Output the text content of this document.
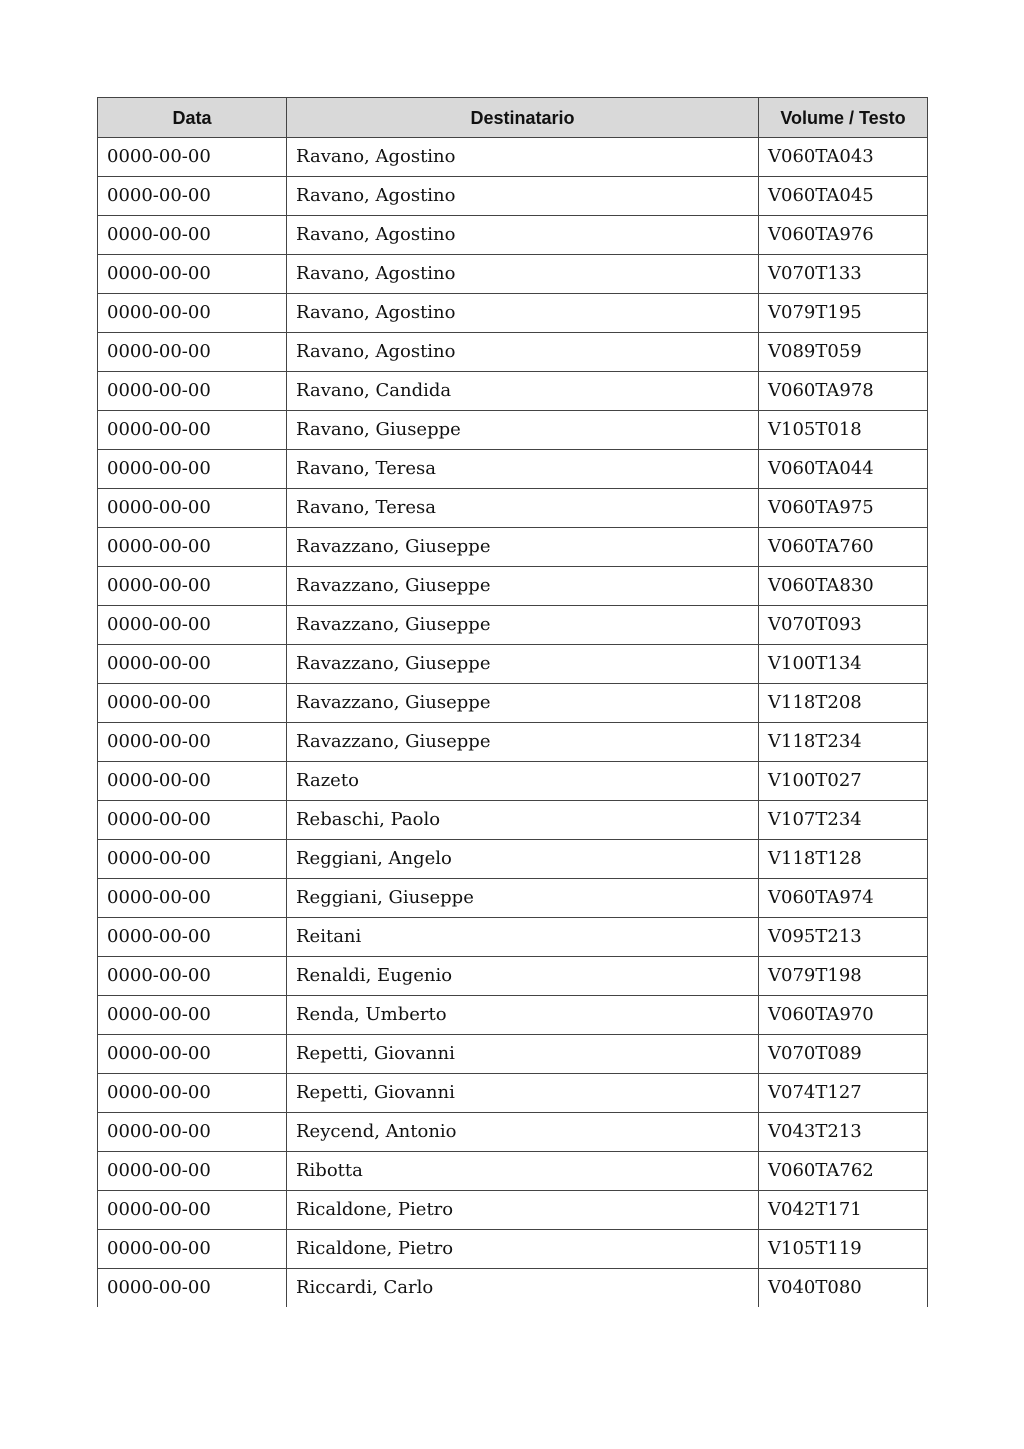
Data	Destinatario	Volume / Testo
0000-00-00	Ravano, Agostino	V060TA043
0000-00-00	Ravano, Agostino	V060TA045
0000-00-00	Ravano, Agostino	V060TA976
0000-00-00	Ravano, Agostino	V070T133
0000-00-00	Ravano, Agostino	V079T195
0000-00-00	Ravano, Agostino	V089T059
0000-00-00	Ravano, Candida	V060TA978
0000-00-00	Ravano, Giuseppe	V105T018
0000-00-00	Ravano, Teresa	V060TA044
0000-00-00	Ravano, Teresa	V060TA975
0000-00-00	Ravazzano, Giuseppe	V060TA760
0000-00-00	Ravazzano, Giuseppe	V060TA830
0000-00-00	Ravazzano, Giuseppe	V070T093
0000-00-00	Ravazzano, Giuseppe	V100T134
0000-00-00	Ravazzano, Giuseppe	V118T208
0000-00-00	Ravazzano, Giuseppe	V118T234
0000-00-00	Razeto	V100T027
0000-00-00	Rebaschi, Paolo	V107T234
0000-00-00	Reggiani, Angelo	V118T128
0000-00-00	Reggiani, Giuseppe	V060TA974
0000-00-00	Reitani	V095T213
0000-00-00	Renaldi, Eugenio	V079T198
0000-00-00	Renda, Umberto	V060TA970
0000-00-00	Repetti, Giovanni	V070T089
0000-00-00	Repetti, Giovanni	V074T127
0000-00-00	Reycend, Antonio	V043T213
0000-00-00	Ribotta	V060TA762
0000-00-00	Ricaldone, Pietro	V042T171
0000-00-00	Ricaldone, Pietro	V105T119
0000-00-00	Riccardi, Carlo	V040T080
